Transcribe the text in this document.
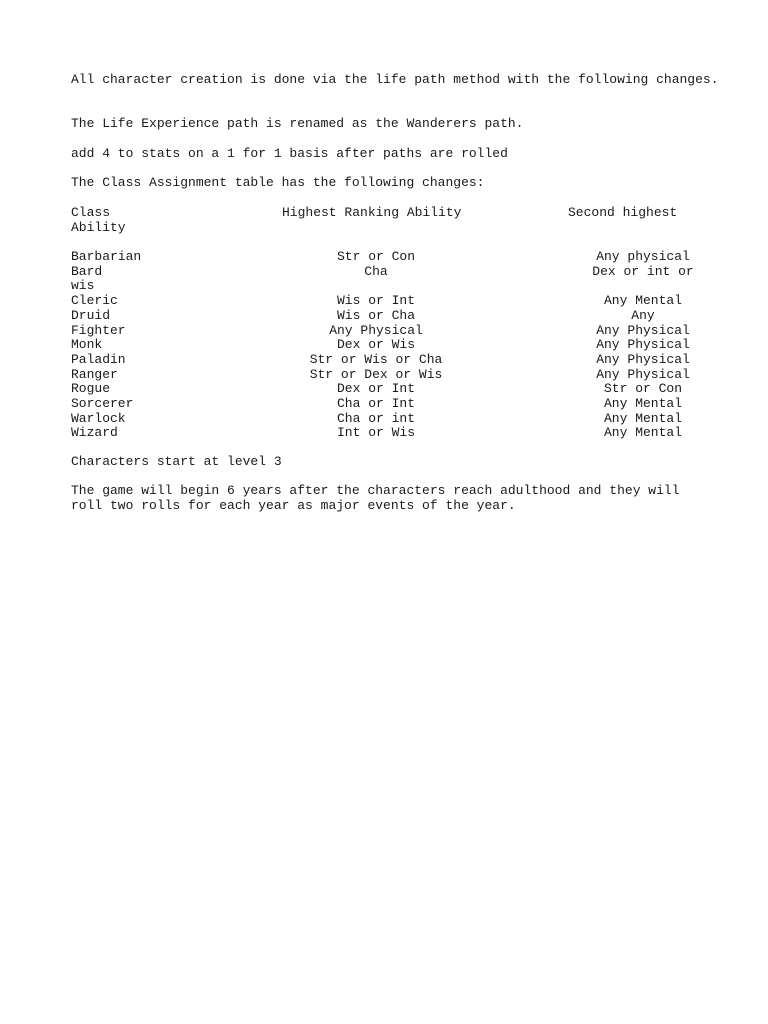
All character creation is done via the life path method with the following changes.
The Life Experience path is renamed as the Wanderers path.
add 4 to stats on a 1 for 1 basis after paths are rolled
The Class Assignment table has the following changes:
Class	Highest Ranking Ability	Second highest
Ability
Barbarian	Str or Con	Any physical
Bard	Cha	Dex or int or
wis
Cleric	Wis or Int	Any Mental
Druid	Wis or Cha	Any
Fighter	Any Physical	Any Physical
Monk	Dex or Wis	Any Physical
Paladin	Str or Wis or Cha	Any Physical
Ranger	Str or Dex or Wis	Any Physical
Rogue	Dex or Int	Str or Con
Sorcerer	Cha or Int	Any Mental
Warlock	Cha or int	Any Mental
Wizard	Int or Wis	Any Mental
Characters start at level 3
The game will begin 6 years after the characters reach adulthood and they will roll two rolls for each year as major events of the year.
